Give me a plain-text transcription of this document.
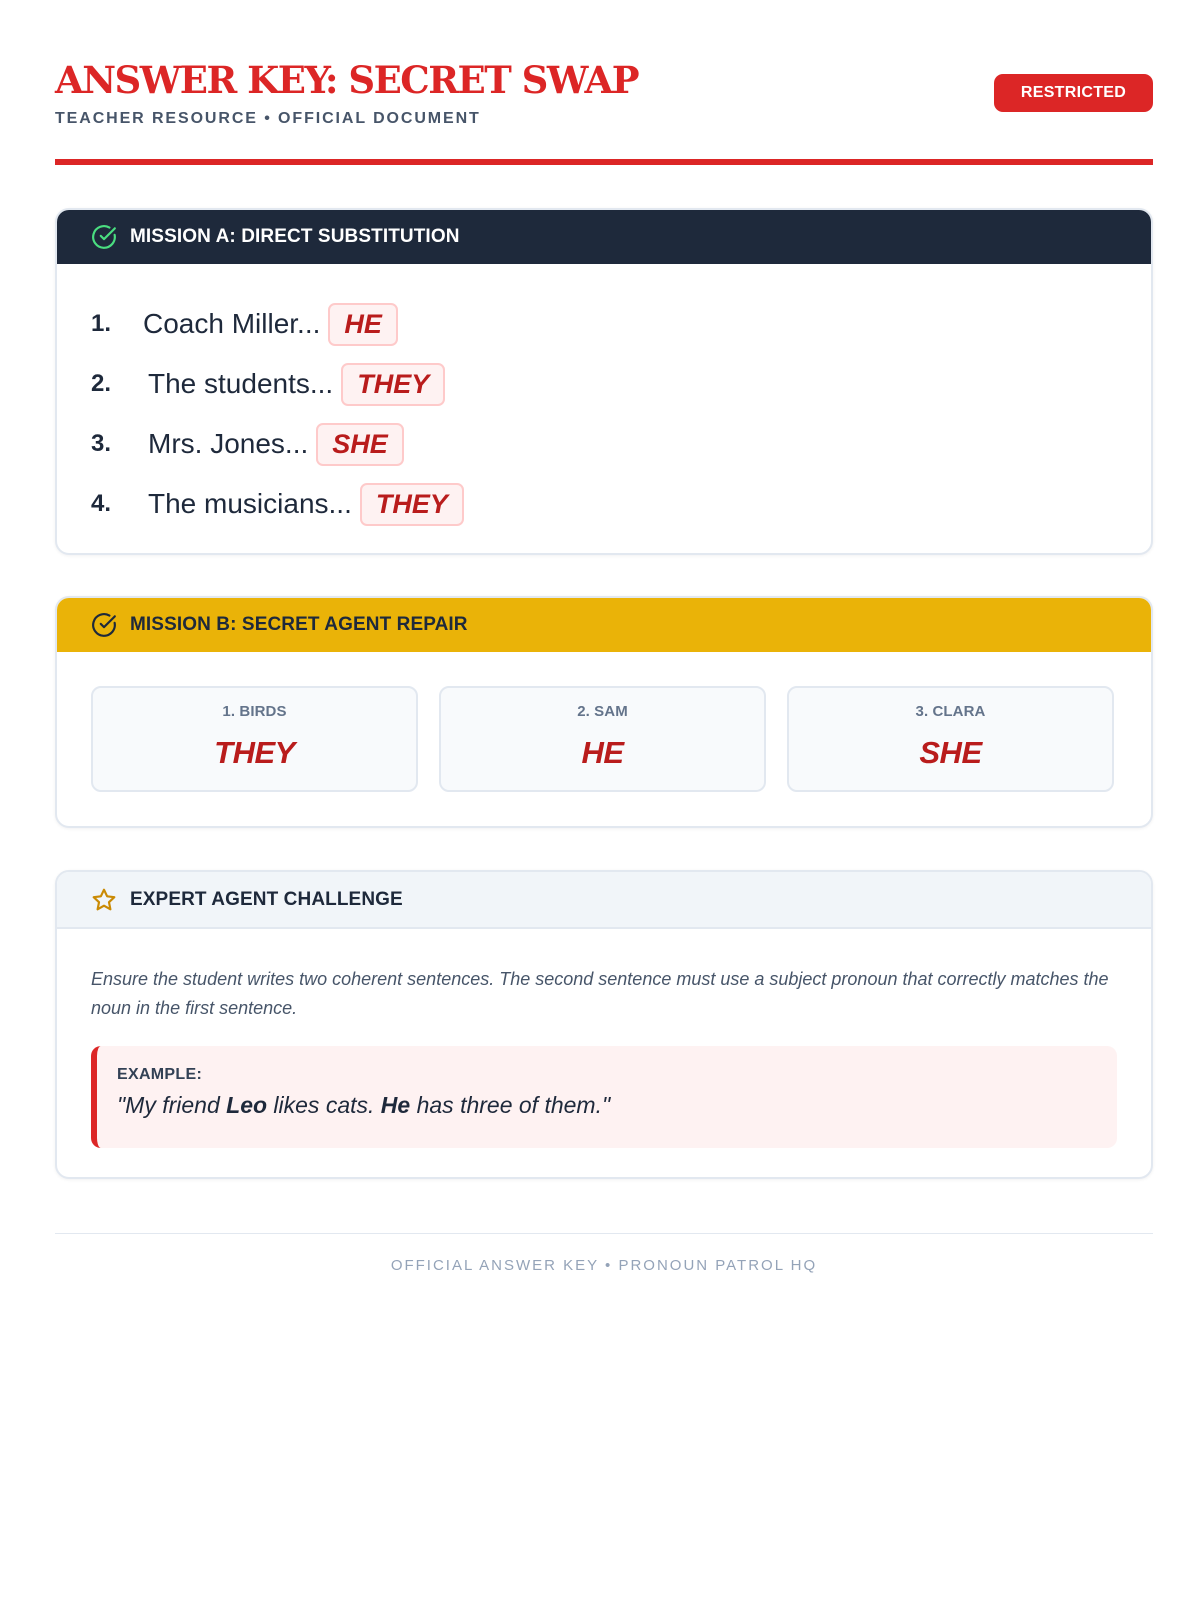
ANSWER KEY: SECRET SWAP
TEACHER RESOURCE • OFFICIAL DOCUMENT
RESTRICTED
MISSION A: DIRECT SUBSTITUTION
1.	Coach Miller... HE
2.	The students... THEY
3.	Mrs. Jones... SHE
4.	The musicians... THEY
MISSION B: SECRET AGENT REPAIR
1. BIRDS
THEY
2. SAM
HE
3. CLARA
SHE
EXPERT AGENT CHALLENGE
Ensure the student writes two coherent sentences. The second sentence must use a subject pronoun that correctly matches the noun in the first sentence.
EXAMPLE:
"My friend Leo likes cats. He has three of them."
OFFICIAL ANSWER KEY • PRONOUN PATROL HQ
